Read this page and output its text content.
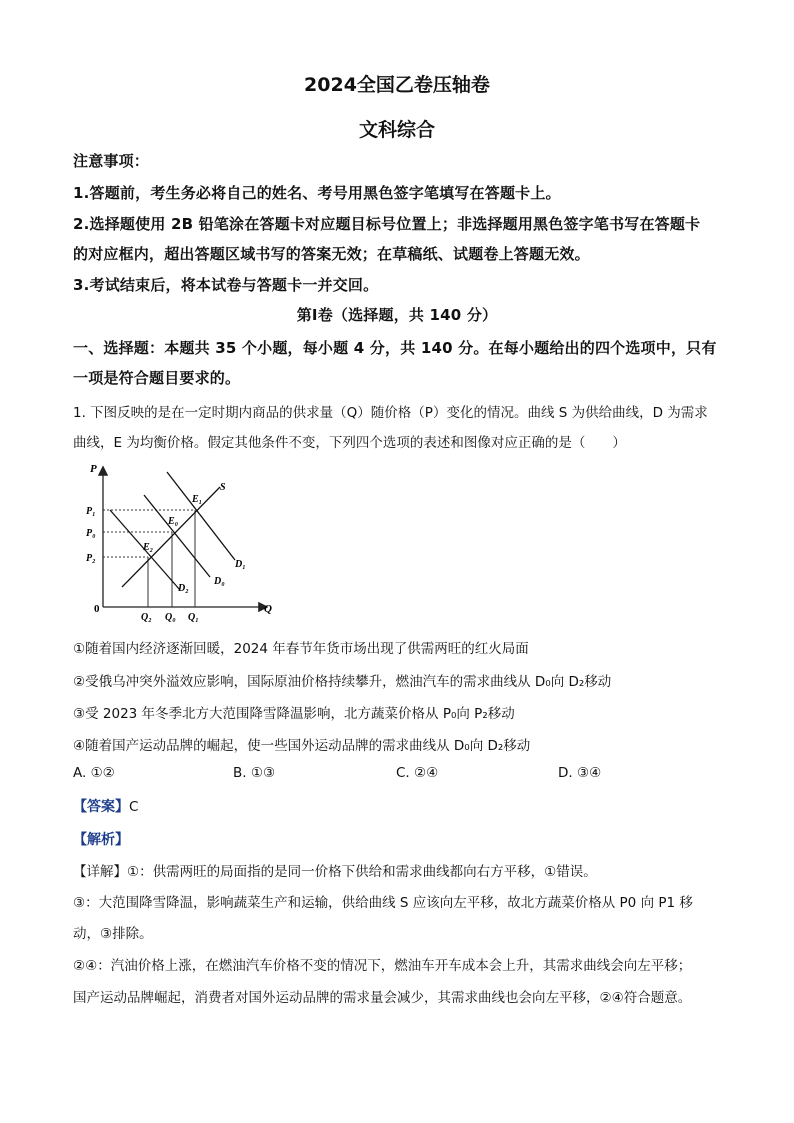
2024全国乙卷压轴卷
文科综合
注意事项：
1.答题前，考生务必将自己的姓名、考号用黑色签字笔填写在答题卡上。
2.选择题使用 2B 铅笔涂在答题卡对应题目标号位置上；非选择题用黑色签字笔书写在答题卡
的对应框内，超出答题区域书写的答案无效；在草稿纸、试题卷上答题无效。
3.考试结束后，将本试卷与答题卡一并交回。
第Ⅰ卷（选择题，共 140 分）
一、选择题：本题共 35 个小题，每小题 4 分，共 140 分。在每小题给出的四个选项中，只有
一项是符合题目要求的。
1. 下图反映的是在一定时期内商品的供求量（Q）随价格（P）变化的情况。曲线 S 为供给曲线，D 为需求
曲线，E 为均衡价格。假定其他条件不变，下列四个选项的表述和图像对应正确的是（　　）
P
Q
0
P₁
P₀
P₂
Q₂ Q₀ Q₁
S
D₁
D₀
D₂
E₁
E₀
E₂
①随着国内经济逐渐回暖，2024 年春节年货市场出现了供需两旺的红火局面
②受俄乌冲突外溢效应影响，国际原油价格持续攀升，燃油汽车的需求曲线从 D₀向 D₂移动
③受 2023 年冬季北方大范围降雪降温影响，北方蔬菜价格从 P₀向 P₂移动
④随着国产运动品牌的崛起，使一些国外运动品牌的需求曲线从 D₀向 D₂移动
A. ①②	B. ①③	C. ②④	D. ③④
【答案】C
【解析】
【详解】①：供需两旺的局面指的是同一价格下供给和需求曲线都向右方平移，①错误。
③：大范围降雪降温，影响蔬菜生产和运输，供给曲线 S 应该向左平移，故北方蔬菜价格从 P0 向 P1 移
动，③排除。
②④：汽油价格上涨，在燃油汽车价格不变的情况下，燃油车开车成本会上升，其需求曲线会向左平移；
国产运动品牌崛起，消费者对国外运动品牌的需求量会减少，其需求曲线也会向左平移，②④符合题意。
